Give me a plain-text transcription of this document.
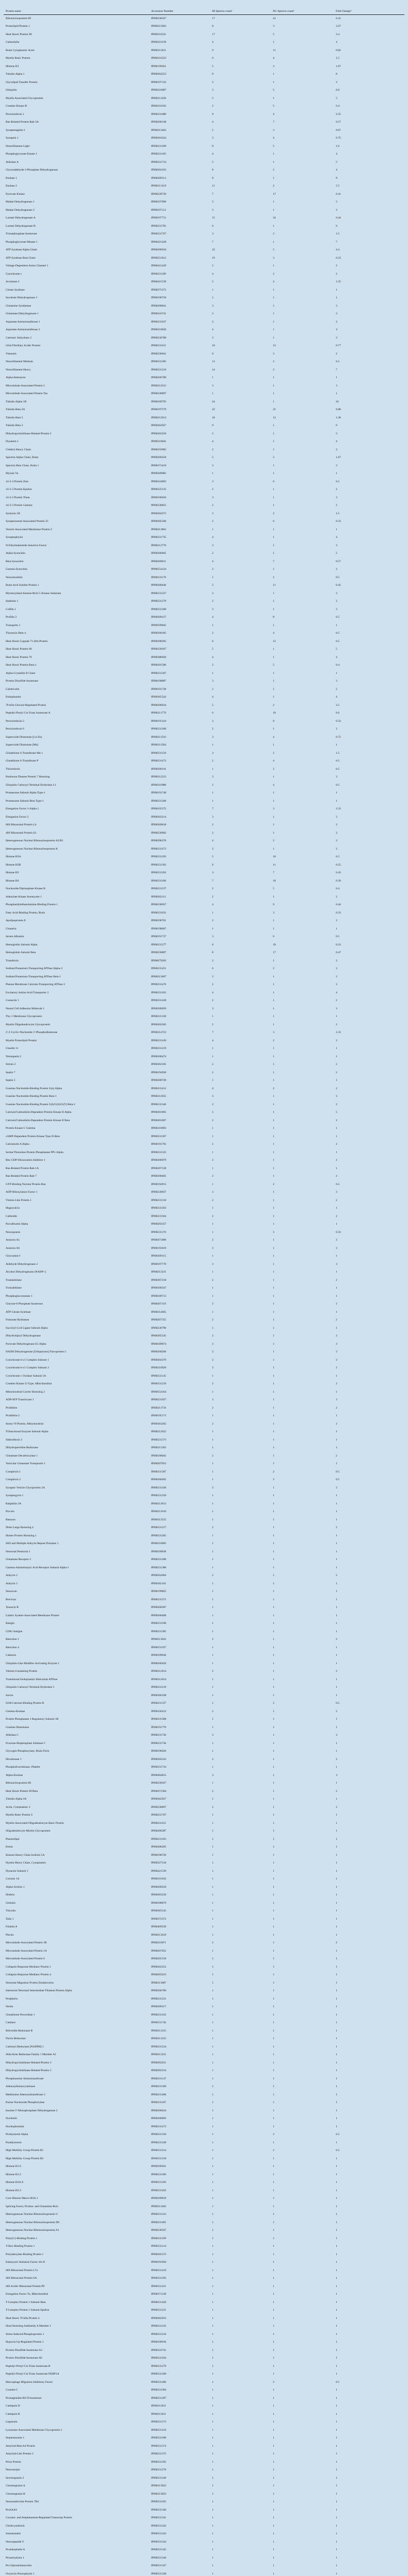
Protein name	Accession Number	HI Spectra count¹	NC Spectra count¹	Fold Change²
Ribonucleoprotein HI	IPI00230567	17	41	0.41
Proteolipid Protein 1	IPI00215663	8	3	2.67
Heat Shock Protein 90	IPI00216331	17	5	3.4
Calmodulin	IPI00210158	4	1	4
Brain Cytoplasmic Actin	IPI00215811	9	11	0.82
Myelin Basic Protein	IPI00216523	6	4	1.5
Histone H1	IPI00199261	5	3	1.67
Tubulin Alpha 1	IPI00364553	8	1	8
Glycolipid Transfer Protein	IPI00197143	2	1	2
Ubiquitin	IPI00210087	3	5	0.6
Myelin Associated Glycoprotein	IPI00212456	5	1	5
Creatine Kinase B	IPI00210162	2	5	0.4
Peroxiredoxin 1	IPI00231086	9	4	2.25
Ras-Related Protein Rab-3A	IPI00206148	4	7	0.57
Synaptotagmin 1	IPI00213463	2	3	0.67
Synapsin 1	IPI00201624	3	4	0.75
Neurofilament Light	IPI00231209	8	5	1.6
Phosphoglycerate Kinase 1	IPI00231185	4	1	4
Aldolase A	IPI00231734	5	1	5
Glyceraldehyde-3-Phosphate Dehydrogenase	IPI00201633	8	2	4
Enolase 1	IPI00209113	8	1	8
Enolase 2	IPI00211218	11	2	5.5
Pyruvate Kinase	IPI00228739	7	17	0.41
Malate Dehydrogenase 1	IPI00197696	5	1	5
Malate Dehydrogenase 2	IPI00197112	3	1	3
Lactate Dehydrogenase A	IPI00197711	15	34	0.44
Lactate Dehydrogenase B	IPI00231781	6	1	6
Triosephosphate Isomerase	IPI00231767	3	2	1.5
Phosphoglycerate Mutase 1	IPI00421428	7	1	7
ATP Synthase Alpha Chain	IPI00396910	22	5	4.4
ATP Synthase Beta Chain	IPI00551812	19	3	6.33
Voltage-Dependent Anion Channel 1	IPI00421429	2	1	2
Cytochrome c	IPI00231189	4	2	2
Aconitase 2	IPI00421539	5	4	1.25
Citrate Synthase	IPI00372372	1	1	1
Isocitrate Dehydrogenase 3	IPI00198720	1	1	1
Glutamine Synthetase	IPI00208041	3	1	3
Glutamate Dehydrogenase 1	IPI00324741	3	1	3
Aspartate Aminotransferase 1	IPI00231637	2	1	2
Aspartate Aminotransferase 2	IPI00210920	4	1	4
Carbonic Anhydrase 2	IPI00230788	2	1	2
Glial Fibrillary Acidic Protein	IPI00231611	10	13	0.77
Vimentin	IPI00230941	6	3	2
Neurofilament Medium	IPI00231305	13	2	6.5
Neurofilament Heavy	IPI00231216	14	2	7
Alpha-Internexin	IPI00206780	1	1	1
Microtubule-Associated Protein 2	IPI00212615	3	1	3
Microtubule-Associated Protein Tau	IPI00230897	1	1	1
Tubulin Alpha 1B	IPI00189795	24	1	24
Tubulin Beta 2A	IPI00197579	22	25	0.88
Tubulin Beta 5	IPI00212014	18	13	1.38
Tubulin Beta 3	IPI00362927	9	1	9
Dihydropyrimidinase-Related Protein 2	IPI00203250	5	1	5
Dynamin 1	IPI00210041	4	1	4
Clathrin Heavy Chain	IPI00193983	2	1	2
Spectrin Alpha Chain, Brain	IPI00209258	5	3	1.67
Spectrin Beta Chain, Brain 1	IPI00373419	3	1	3
Myosin Va	IPI00209082	1	1	1
14-3-3 Protein Zeta	IPI00324893	3	6	0.5
14-3-3 Protein Epsilon	IPI00325135	2	1	2
14-3-3 Protein Theta	IPI00196656	3	1	3
14-3-3 Protein Gamma	IPI00230835	2	1	2
Syntaxin 1B	IPI00204373	3	2	1.5
Synaptosomal-Associated Protein 25	IPI00205566	2	6	0.33
Vesicle-Associated Membrane Protein 2	IPI00211802	1	1	1
Synaptophysin	IPI00231735	4	1	4
N-Ethylmaleimide Sensitive Factor	IPI00212776	3	1	3
Alpha-Synuclein	IPI00200465	2	1	2
Beta-Synuclein	IPI00209611	4	7	0.57
Gamma-Synuclein	IPI00554124	2	1	2
Neuromodulin	IPI00231176	1	2	0.5
Brain Acid Soluble Protein 1	IPI00200446	5	11	0.45
Myristoylated Alanine-Rich C-Kinase Substrate	IPI00231357	3	1	3
Stathmin 1	IPI00231270	2	1	2
Cofilin 1	IPI00231188	3	1	3
Profilin 2	IPI00209127	4	8	0.5
Transgelin 3	IPI00199845	1	1	1
Thymosin Beta-4	IPI00200185	2	4	0.5
Heat Shock Cognate 71 kDa Protein	IPI00208205	6	12	0.5
Heat Shock Protein 60	IPI00339167	5	1	5
Heat Shock Protein 70	IPI00388920	4	1	4
Heat Shock Protein Beta-1	IPI00201586	2	5	0.4
Alpha-Crystallin B Chain	IPI00231367	1	1	1
Protein Disulfide-Isomerase	IPI00198887	3	1	3
Calreticulin	IPI00191728	2	1	2
Endoplasmin	IPI00365542	4	1	4
78 kDa Glucose-Regulated Protein	IPI00206624	5	2	2.5
Peptidyl-Prolyl Cis-Trans Isomerase A	IPI00211779	6	10	0.6
Peroxiredoxin 2	IPI00195118	3	9	0.33
Peroxiredoxin 6	IPI00231260	2	1	2
Superoxide Dismutase [Cu-Zn]	IPI00211593	3	4	0.75
Superoxide Dismutase [Mn]	IPI00211584	1	1	1
Glutathione S-Transferase Mu 1	IPI00231150	3	2	1.5
Glutathione S-Transferase P	IPI00231473	2	4	0.5
Thioredoxin	IPI00200141	1	2	0.5
Parkinson Disease Protein 7 Homolog	IPI00212523	3	1	3
Ubiquitin Carboxyl-Terminal Hydrolase L1	IPI00210986	2	4	0.5
Proteasome Subunit Alpha Type-1	IPI00191748	1	1	1
Proteasome Subunit Beta Type-1	IPI00231260	1	1	1
Elongation Factor 1-Alpha 1	IPI00195372	7	3	2.33
Elongation Factor 2	IPI00203214	3	1	3
60S Ribosomal Protein L4	IPI00369618	2	1	2
40S Ribosomal Protein S3	IPI00230902	2	1	2
Heterogeneous Nuclear Ribonucleoprotein A2/B1	IPI00396378	4	2	2
Heterogeneous Nuclear Ribonucleoprotein K	IPI00231473	2	1	2
Histone H2A	IPI00231292	5	10	0.5
Histone H2B	IPI00231363	6	11	0.55
Histone H3	IPI00231262	3	7	0.43
Histone H4	IPI00231186	7	18	0.39
Nucleoside Diphosphate Kinase B	IPI00231237	2	5	0.4
Adenylate Kinase Isoenzyme 1	IPI00202111	2	1	2
Phosphatidylethanolamine-Binding Protein 1	IPI00230937	4	9	0.44
Fatty Acid-Binding Protein, Brain	IPI00231631	1	3	0.33
Apolipoprotein E	IPI00190701	2	1	2
Clusterin	IPI00198667	1	1	1
Serum Albumin	IPI00191737	3	6	0.5
Hemoglobin Subunit Alpha	IPI00231277	6	18	0.33
Hemoglobin Subunit Beta	IPI00230897	8	17	0.47
Transferrin	IPI00679202	2	1	2
Sodium/Potassium-Transporting ATPase Alpha-3	IPI00231451	6	2	3
Sodium/Potassium-Transporting ATPase Beta-1	IPI00213607	2	1	2
Plasma Membrane Calcium-Transporting ATPase 2	IPI00231476	2	1	2
Excitatory Amino Acid Transporter 2	IPI00231183	4	1	4
Contactin 1	IPI00231428	2	1	2
Neural Cell Adhesion Molecule 1	IPI00200659	3	1	3
Thy-1 Membrane Glycoprotein	IPI00231330	1	1	1
Myelin Oligodendrocyte Glycoprotein	IPI00202305	2	1	2
2',3'-Cyclic-Nucleotide 3'-Phosphodiesterase	IPI00214723	7	3	2.33
Myelin Proteolipid Protein	IPI00231420	4	2	2
Claudin 11	IPI00231219	1	1	1
Tetraspanin 2	IPI00200474	1	1	1
Sirtuin 2	IPI00362105	2	1	2
Septin 7	IPI00194930	2	1	2
Septin 5	IPI00208728	1	1	1
Guanine Nucleotide-Binding Protein G(o) Alpha	IPI00231412	4	2	2
Guanine Nucleotide-Binding Protein Beta-1	IPI00212655	3	1	3
Guanine Nucleotide-Binding Protein G(I)/G(S)/G(T) Beta-2	IPI00231346	2	1	2
Calcium/Calmodulin-Dependent Protein Kinase II Alpha	IPI00201805	5	1	5
Calcium/Calmodulin-Dependent Protein Kinase II Beta	IPI00201807	2	1	2
Protein Kinase C Gamma	IPI00210093	1	1	1
cAMP-Dependent Protein Kinase Type II-Beta	IPI00231367	1	1	1
Calcineurin A Alpha	IPI00191783	2	1	2
Serine/Threonine-Protein Phosphatase PP1-Alpha	IPI00231325	1	1	1
Rho GDP-Dissociation Inhibitor 1	IPI00200079	2	1	2
Ras-Related Protein Rab-1A	IPI00207128	1	1	1
Ras-Related Protein Rab-7	IPI00200465	2	1	2
GTP-Binding Nuclear Protein Ran	IPI00194915	1	2	0.5
ADP-Ribosylation Factor 1	IPI00230937	3	1	3
Visinin-Like Protein 1	IPI00231318	2	1	2
Hippocalcin	IPI00231263	1	1	1
Calbindin	IPI00231364	2	1	2
Parvalbumin Alpha	IPI00203357	1	1	1
Neurogranin	IPI00231176	1	3	0.33
Annexin A5	IPI00471889	2	1	2
Annexin A6	IPI00193619	3	1	3
Glyoxalase I	IPI00209115	1	1	1
Aldehyde Dehydrogenase 2	IPI00197770	3	1	3
Alcohol Dehydrogenase [NADP+]	IPI00213231	1	1	1
Transketolase	IPI00367218	2	1	2
Transaldolase	IPI00368347	1	1	1
Phosphoglucomutase 1	IPI00189713	1	1	1
Glucose-6-Phosphate Isomerase	IPI00207119	2	1	2
ATP-Citrate Synthase	IPI00214665	1	1	1
Fumarate Hydratase	IPI00207355	2	1	2
Succinyl-CoA Ligase Subunit Alpha	IPI00230790	1	1	1
Dihydrolipoyl Dehydrogenase	IPI00365545	2	1	2
Pyruvate Dehydrogenase E1 Alpha	IPI00189074	3	1	3
NADH Dehydrogenase [Ubiquinone] Flavoprotein 1	IPI00208206	2	1	2
Cytochrome b-c1 Complex Subunit 1	IPI00204379	2	1	2
Cytochrome b-c1 Complex Subunit 2	IPI00210920	2	1	2
Cytochrome c Oxidase Subunit 5A	IPI00231145	1	1	1
Creatine Kinase U-Type, Mitochondrial	IPI00231216	2	1	2
Mitochondrial Carrier Homolog 2	IPI00554164	1	1	1
ADP/ATP Translocase 1	IPI00231927	3	1	3
Prohibitin	IPI00211756	2	1	2
Prohibitin-2	IPI00195173	1	1	1
Stress-70 Protein, Mitochondrial	IPI00363265	2	1	2
Trifunctional Enzyme Subunit Alpha	IPI00212622	1	1	1
Sideroflexin 3	IPI00231373	1	1	1
Dihydropteridine Reductase	IPI00215565	1	1	1
Glutamate Decarboxylase 1	IPI00190045	2	1	2
Vesicular Glutamate Transporter 1	IPI00207052	1	1	1
Complexin 1	IPI00231307	1	2	0.5
Complexin 2	IPI00200465	1	2	0.5
Synaptic Vesicle Glycoprotein 2A	IPI00231430	2	1	2
Synaptogyrin 1	IPI00231250	1	1	1
Rabphilin 3A	IPI00213613	1	1	1
Piccolo	IPI00212616	1	1	1
Bassoon	IPI00213555	1	1	1
Disks Large Homolog 4	IPI00231217	2	1	2
Homer Protein Homolog 1	IPI00231265	1	1	1
SH3 and Multiple Ankyrin Repeat Domains 1	IPI00210095	1	1	1
Neuronal Pentraxin 1	IPI00199636	1	1	1
Glutamate Receptor 2	IPI00231200	1	1	1
Gamma-Aminobutyric Acid Receptor Subunit Alpha-1	IPI00231386	1	1	1
Ankyrin 2	IPI00562004	2	1	2
Ankyrin 3	IPI00362161	1	1	1
Neurocan	IPI00199825	1	1	1
Brevican	IPI00231371	1	1	1
Tenascin R	IPI00200387	1	1	1
Limbic System-Associated Membrane Protein	IPI00200408	1	1	1
Basigin	IPI00231198	1	1	1
CD81 Antigen	IPI00231385	1	1	1
Reticulon 1	IPI00213022	2	1	2
Reticulon 4	IPI00231197	1	1	1
Calnexin	IPI00199636	1	1	1
Ubiquitin-Like Modifier-Activating Enzyme 1	IPI00200456	1	1	1
Valosin-Containing Protein	IPI00212014	2	1	2
Transitional Endoplasmic Reticulum ATPase	IPI00212014	1	1	1
Ubiquitin Carboxyl-Terminal Hydrolase 5	IPI00231219	1	1	1
Sorcin	IPI00366198	1	1	1
S100 Calcium-Binding Protein B	IPI00231357	1	2	0.5
Gamma-Enolase	IPI00326412	2	1	2
Protein Phosphatase 1 Regulatory Subunit 1B	IPI00231308	1	1	1
Guanine Deaminase	IPI00191770	1	1	1
Aldolase C	IPI00231736	3	1	3
Fructose-Bisphosphate Aldolase C	IPI00231736	1	1	1
Glycogen Phosphorylase, Brain Form	IPI00196626	1	1	1
Hexokinase 1	IPI00202543	2	1	2
Phosphofructokinase, Platelet	IPI00231734	1	1	1
Alpha-Enolase	IPI00464815	3	1	3
Ribonucleoprotein HI	IPI00230567	1	1	1
Heat Shock Protein 90 Beta	IPI00471584	2	1	2
Tubulin Alpha 4A	IPI00362927	1	1	1
Actin, Cytoplasmic 2	IPI00230897	2	1	2
Myelin Basic Protein S	IPI00231767	1	1	1
Myelin-Associated Oligodendrocyte Basic Protein	IPI00231611	1	1	1
Oligodendrocyte-Myelin Glycoprotein	IPI00200387	1	1	1
Plasmolipin	IPI00231183	1	1	1
Ermin	IPI00208205	1	1	1
Kinesin Heavy Chain Isoform 5A	IPI00198720	1	1	1
Dynein Heavy Chain, Cytoplasmic	IPI00327518	1	1	1
Dynactin Subunit 1	IPI00421539	1	1	1
Coronin 1A	IPI00210162	1	1	1
Alpha-Actinin 1	IPI00209258	1	1	1
Drebrin	IPI00203250	1	1	1
Gelsolin	IPI00188879	1	1	1
Vinculin	IPI00365545	1	1	1
Talin 1	IPI00372372	1	1	1
Filamin A	IPI00409539	1	1	1
Plectin	IPI00213619	1	1	1
Microtubule-Associated Protein 1B	IPI00210071	2	1	2
Microtubule-Associated Protein 1A	IPI00207052	1	1	1
Microtubule-Associated Protein 6	IPI00205158	1	1	1
Collapsin Response Mediator Protein 1	IPI00203252	1	1	1
Collapsin Response Mediator Protein 4	IPI00203253	1	1	1
Neuronal Migration Protein Doublecortin	IPI00213007	1	1	1
Internexin Neuronal Intermediate Filament Protein Alpha	IPI00206780	1	1	1
Peripherin	IPI00231221	1	1	1
Nestin	IPI00209117	1	1	1
Glutathione Peroxidase 1	IPI00231192	1	1	1
Catalase	IPI00231742	1	1	1
Biliverdin Reductase B	IPI00211225	1	1	1
Flavin Reductase	IPI00211225	1	1	1
Carbonyl Reductase [NADPH] 1	IPI00231234	1	1	1
Aldo-Keto Reductase Family 1 Member A1	IPI00213231	1	1	1
Dihydropyrimidinase-Related Protein 3	IPI00203251	1	1	1
Dihydropyrimidinase-Related Protein 5	IPI00203254	1	1	1
Phosphoserine Aminotransferase	IPI00231147	1	1	1
Adenosylhomocysteinase	IPI00231369	1	1	1
Methionine Adenosyltransferase 2	IPI00231406	1	1	1
Purine Nucleoside Phosphorylase	IPI00231187	1	1	1
Inosine-5'-Monophosphate Dehydrogenase 2	IPI00200434	1	1	1
Nucleolin	IPI00200093	1	1	1
Nucleophosmin	IPI00231473	1	1	1
Prothymosin Alpha	IPI00231350	1	2	0.5
Parathymosin	IPI00231349	1	1	1
High Mobility Group Protein B1	IPI00231214	1	2	0.5
High Mobility Group Protein B2	IPI00231218	1	1	1
Histone H1.0	IPI00199261	1	1	1
Histone H1.2	IPI00231186	1	1	1
Histone H2A.Z	IPI00231292	1	1	1
Histone H3.3	IPI00231262	1	1	1
Core Histone Macro-H2A.1	IPI00189819	1	1	1
Splicing Factor, Proline- and Glutamine-Rich	IPI00213462	1	1	1
Heterogeneous Nuclear Ribonucleoprotein U	IPI00231223	1	1	1
Heterogeneous Nuclear Ribonucleoprotein D0	IPI00231481	1	1	1
Heterogeneous Nuclear Ribonucleoprotein A1	IPI00230567	1	1	1
Poly(rC)-Binding Protein 1	IPI00231199	1	1	1
Y-Box-Binding Protein 1	IPI00231214	1	1	1
Polyadenylate-Binding Protein 1	IPI00205373	1	1	1
Eukaryotic Initiation Factor 4A-II	IPI00191694	1	1	1
60S Ribosomal Protein L7a	IPI00231419	1	1	1
40S Ribosomal Protein SA	IPI00231292	1	1	1
60S Acidic Ribosomal Protein P0	IPI00231221	1	1	1
Elongation Factor Tu, Mitochondrial	IPI00371236	1	1	1
T-Complex Protein 1 Subunit Beta	IPI00231426	1	1	1
T-Complex Protein 1 Subunit Epsilon	IPI00231231	1	1	1
Heat Shock 70 kDa Protein 4	IPI00362933	1	1	1
DnaJ Homolog Subfamily A Member 1	IPI00231245	1	1	1
Stress-Induced-Phosphoprotein 1	IPI00231216	1	1	1
Hypoxia Up-Regulated Protein 1	IPI00199636	1	1	1
Protein Disulfide-Isomerase A3	IPI00324741	1	1	1
Protein Disulfide-Isomerase A6	IPI00231264	1	1	1
Peptidyl-Prolyl Cis-Trans Isomerase B	IPI00231270	1	1	1
Peptidyl-Prolyl Cis-Trans Isomerase FKBP1A	IPI00231188	1	1	1
Macrophage Migration Inhibitory Factor	IPI00231286	1	2	0.5
Cystatin C	IPI00231384	1	1	1
Prostaglandin-H2 D-Isomerase	IPI00231307	1	1	1
Cathepsin D	IPI00212811	1	1	1
Cathepsin B	IPI00212811	1	1	1
Legumain	IPI00231373	1	1	1
Lysosome-Associated Membrane Glycoprotein 1	IPI00231419	1	1	1
Sequestosome 1	IPI00231188	1	1	1
Amyloid Beta A4 Protein	IPI00231374	1	1	1
Amyloid-Like Protein 2	IPI00231375	1	1	1
Prion Protein	IPI00231392	1	1	1
Neuroserpin	IPI00231270	1	1	1
Secretogranin 2	IPI00231248	1	1	1
Chromogranin A	IPI00213022	1	1	1
Chromogranin B	IPI00213023	1	1	1
Neuroendocrine Protein 7B2	IPI00231265	1	1	1
ProSAAS	IPI00231340	1	1	1
Cocaine- and Amphetamine-Regulated Transcript Protein	IPI00231341	1	1	1
Cholecystokinin	IPI00231342	1	1	1
Somatostatin	IPI00231343	1	1	1
Neuropeptide Y	IPI00231344	1	1	1
Proenkephalin A	IPI00231345	1	1	1
Protachykinin 1	IPI00231346	1	1	1
Pro-Opiomelanocortin	IPI00231347	1	1	1
Oxytocin-Neurophysin 1	IPI00231348	1	1	1
